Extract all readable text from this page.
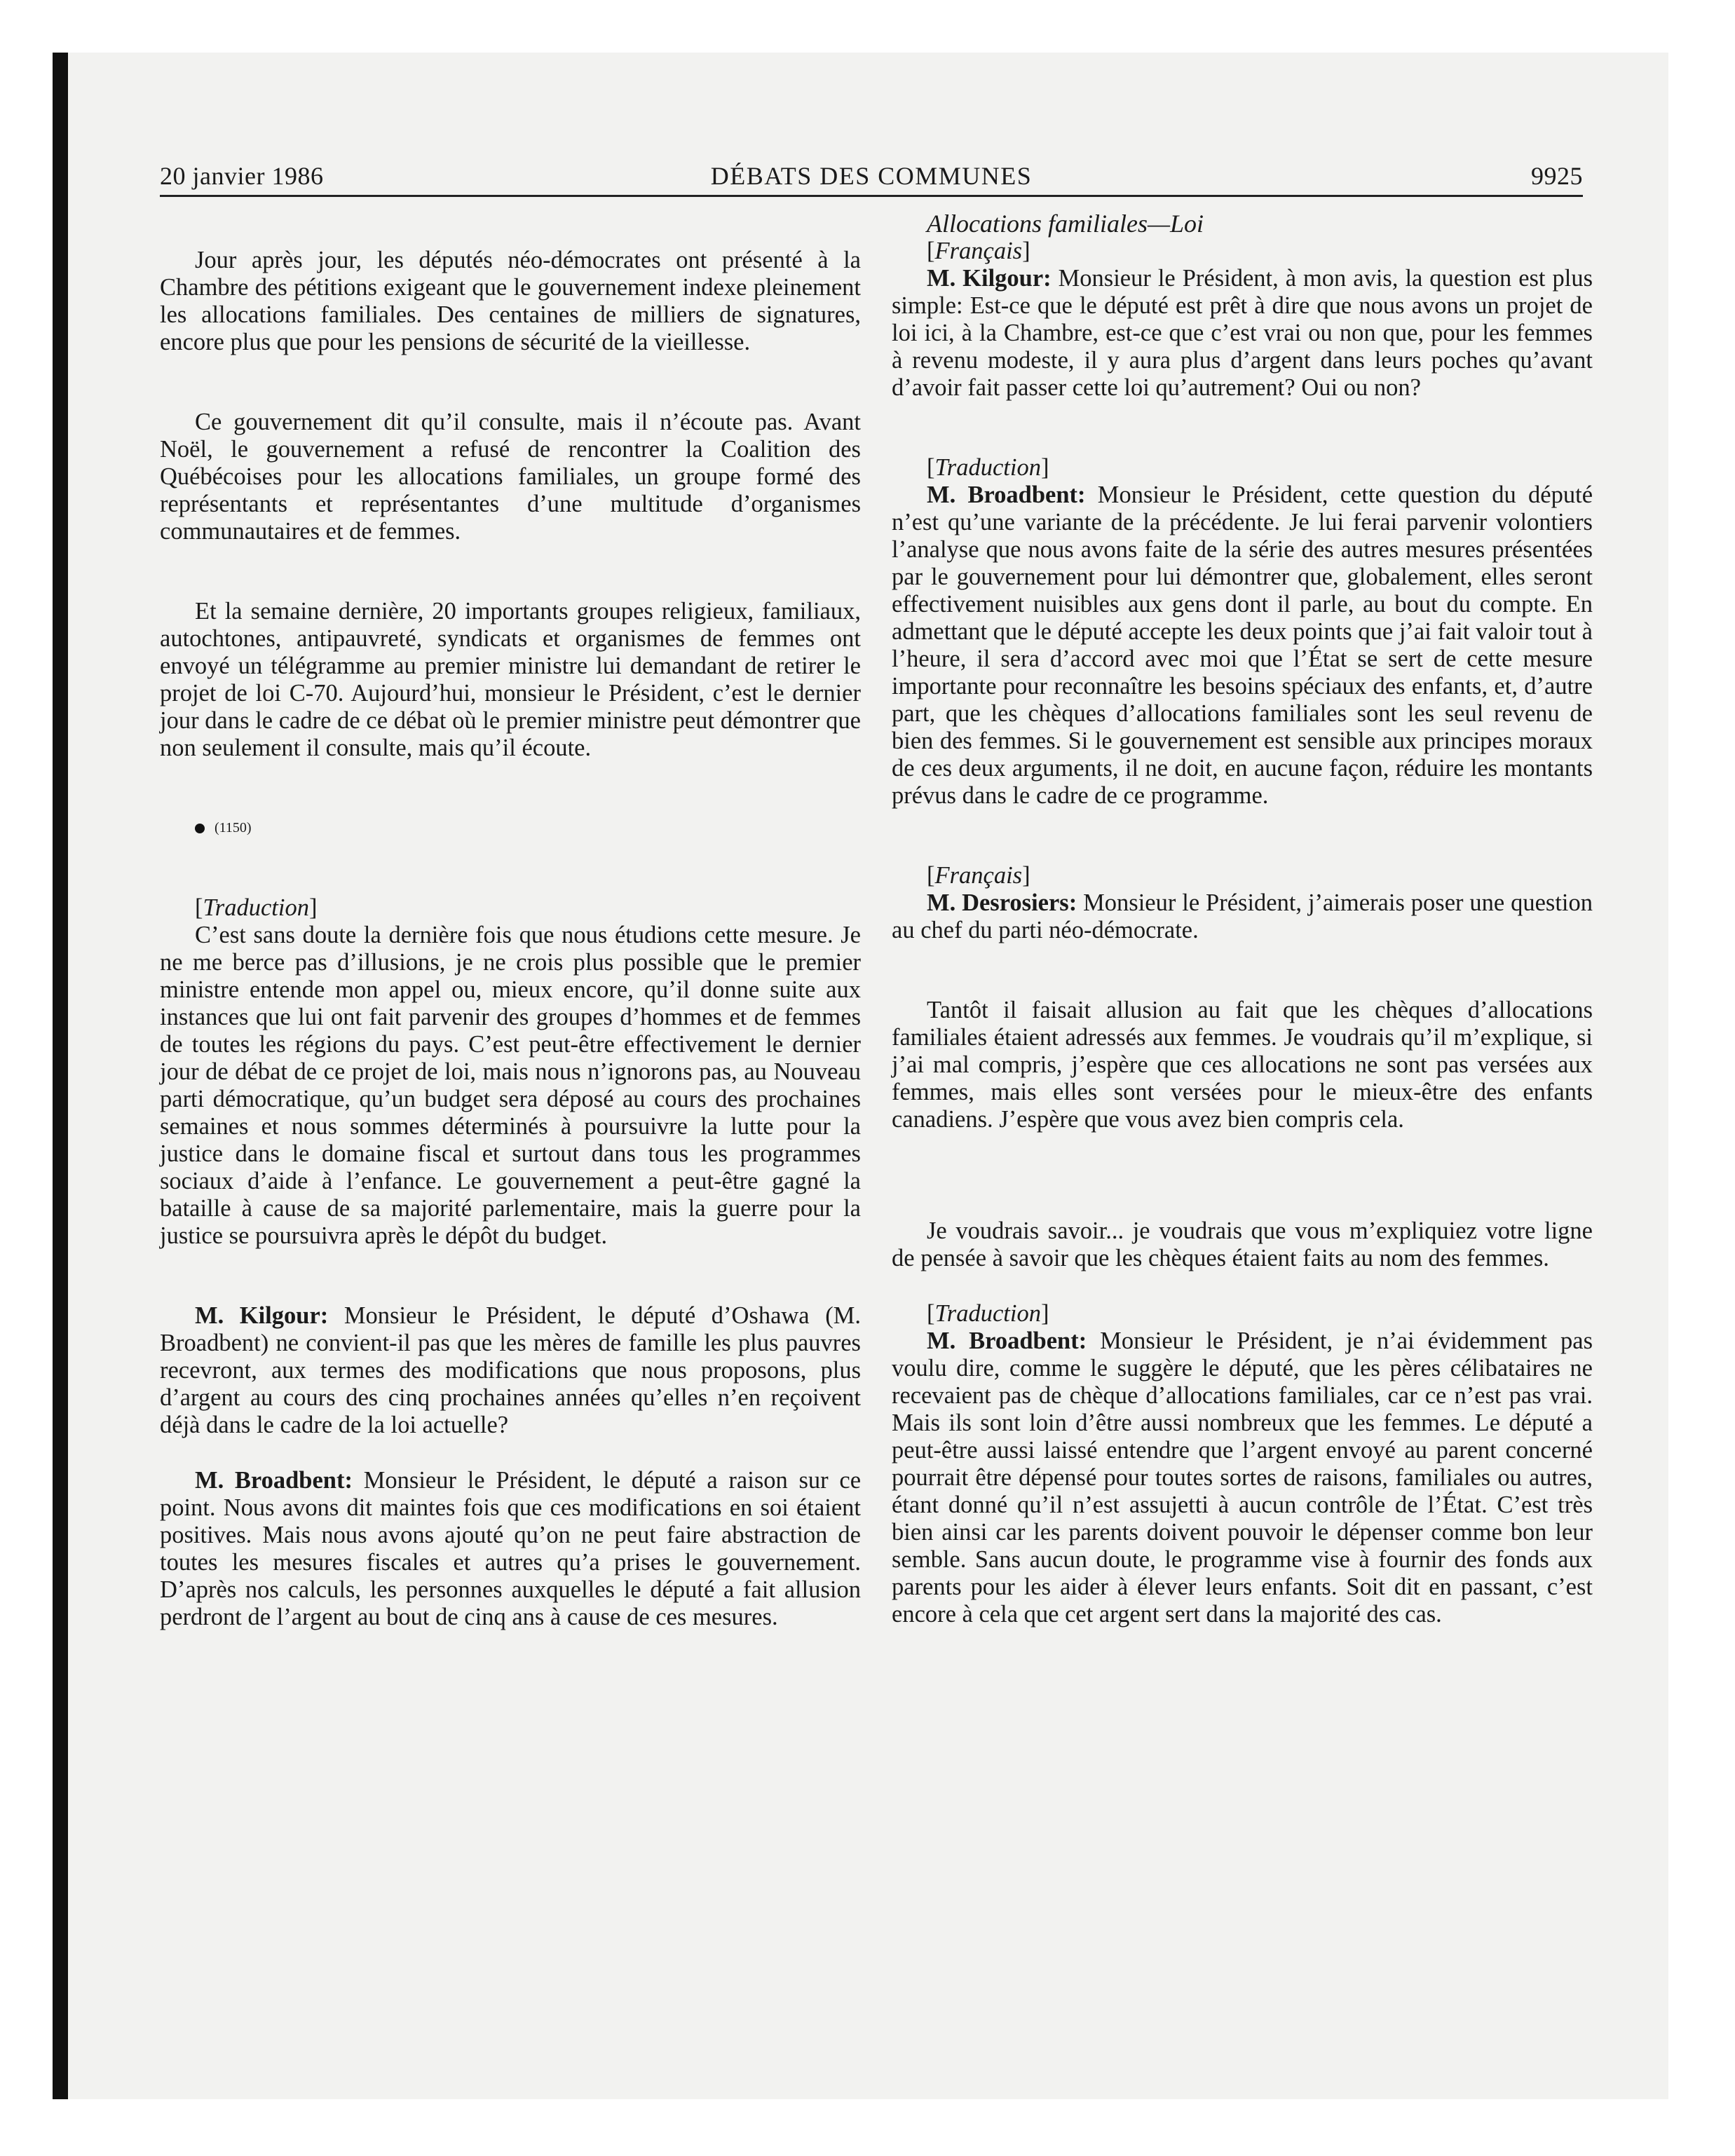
20 janvier 1986	DÉBATS DES COMMUNES	9925

Jour après jour, les députés néo-démocrates ont présenté à la Chambre des pétitions exigeant que le gouvernement indexe pleinement les allocations familiales. Des centaines de milliers de signatures, encore plus que pour les pensions de sécurité de la vieillesse.

Ce gouvernement dit qu’il consulte, mais il n’écoute pas. Avant Noël, le gouvernement a refusé de rencontrer la Coalition des Québécoises pour les allocations familiales, un groupe formé des représentants et représentantes d’une multitude d’organismes communautaires et de femmes.

Et la semaine dernière, 20 importants groupes religieux, familiaux, autochtones, antipauvreté, syndicats et organismes de femmes ont envoyé un télégramme au premier ministre lui demandant de retirer le projet de loi C-70. Aujourd’hui, monsieur le Président, c’est le dernier jour dans le cadre de ce débat où le premier ministre peut démontrer que non seulement il consulte, mais qu’il écoute.

(1150)

[Traduction]

C’est sans doute la dernière fois que nous étudions cette mesure. Je ne me berce pas d’illusions, je ne crois plus possible que le premier ministre entende mon appel ou, mieux encore, qu’il donne suite aux instances que lui ont fait parvenir des groupes d’hommes et de femmes de toutes les régions du pays. C’est peut-être effectivement le dernier jour de débat de ce projet de loi, mais nous n’ignorons pas, au Nouveau parti démocratique, qu’un budget sera déposé au cours des prochaines semaines et nous sommes déterminés à poursuivre la lutte pour la justice dans le domaine fiscal et surtout dans tous les programmes sociaux d’aide à l’enfance. Le gouvernement a peut-être gagné la bataille à cause de sa majorité parlementaire, mais la guerre pour la justice se poursuivra après le dépôt du budget.

M. Kilgour: Monsieur le Président, le député d’Oshawa (M. Broadbent) ne convient-il pas que les mères de famille les plus pauvres recevront, aux termes des modifications que nous proposons, plus d’argent au cours des cinq prochaines années qu’elles n’en reçoivent déjà dans le cadre de la loi actuelle?

M. Broadbent: Monsieur le Président, le député a raison sur ce point. Nous avons dit maintes fois que ces modifications en soi étaient positives. Mais nous avons ajouté qu’on ne peut faire abstraction de toutes les mesures fiscales et autres qu’a prises le gouvernement. D’après nos calculs, les personnes auxquelles le député a fait allusion perdront de l’argent au bout de cinq ans à cause de ces mesures.

Allocations familiales—Loi

[Français]

M. Kilgour: Monsieur le Président, à mon avis, la question est plus simple: Est-ce que le député est prêt à dire que nous avons un projet de loi ici, à la Chambre, est-ce que c’est vrai ou non que, pour les femmes à revenu modeste, il y aura plus d’argent dans leurs poches qu’avant d’avoir fait passer cette loi qu’autrement? Oui ou non?

[Traduction]

M. Broadbent: Monsieur le Président, cette question du député n’est qu’une variante de la précédente. Je lui ferai parvenir volontiers l’analyse que nous avons faite de la série des autres mesures présentées par le gouvernement pour lui démontrer que, globalement, elles seront effectivement nuisibles aux gens dont il parle, au bout du compte. En admettant que le député accepte les deux points que j’ai fait valoir tout à l’heure, il sera d’accord avec moi que l’État se sert de cette mesure importante pour reconnaître les besoins spéciaux des enfants, et, d’autre part, que les chèques d’allocations familiales sont les seul revenu de bien des femmes. Si le gouvernement est sensible aux principes moraux de ces deux arguments, il ne doit, en aucune façon, réduire les montants prévus dans le cadre de ce programme.

[Français]

M. Desrosiers: Monsieur le Président, j’aimerais poser une question au chef du parti néo-démocrate.

Tantôt il faisait allusion au fait que les chèques d’allocations familiales étaient adressés aux femmes. Je voudrais qu’il m’explique, si j’ai mal compris, j’espère que ces allocations ne sont pas versées aux femmes, mais elles sont versées pour le mieux-être des enfants canadiens. J’espère que vous avez bien compris cela.

Je voudrais savoir... je voudrais que vous m’expliquiez votre ligne de pensée à savoir que les chèques étaient faits au nom des femmes.

[Traduction]

M. Broadbent: Monsieur le Président, je n’ai évidemment pas voulu dire, comme le suggère le député, que les pères célibataires ne recevaient pas de chèque d’allocations familiales, car ce n’est pas vrai. Mais ils sont loin d’être aussi nombreux que les femmes. Le député a peut-être aussi laissé entendre que l’argent envoyé au parent concerné pourrait être dépensé pour toutes sortes de raisons, familiales ou autres, étant donné qu’il n’est assujetti à aucun contrôle de l’État. C’est très bien ainsi car les parents doivent pouvoir le dépenser comme bon leur semble. Sans aucun doute, le programme vise à fournir des fonds aux parents pour les aider à élever leurs enfants. Soit dit en passant, c’est encore à cela que cet argent sert dans la majorité des cas.
